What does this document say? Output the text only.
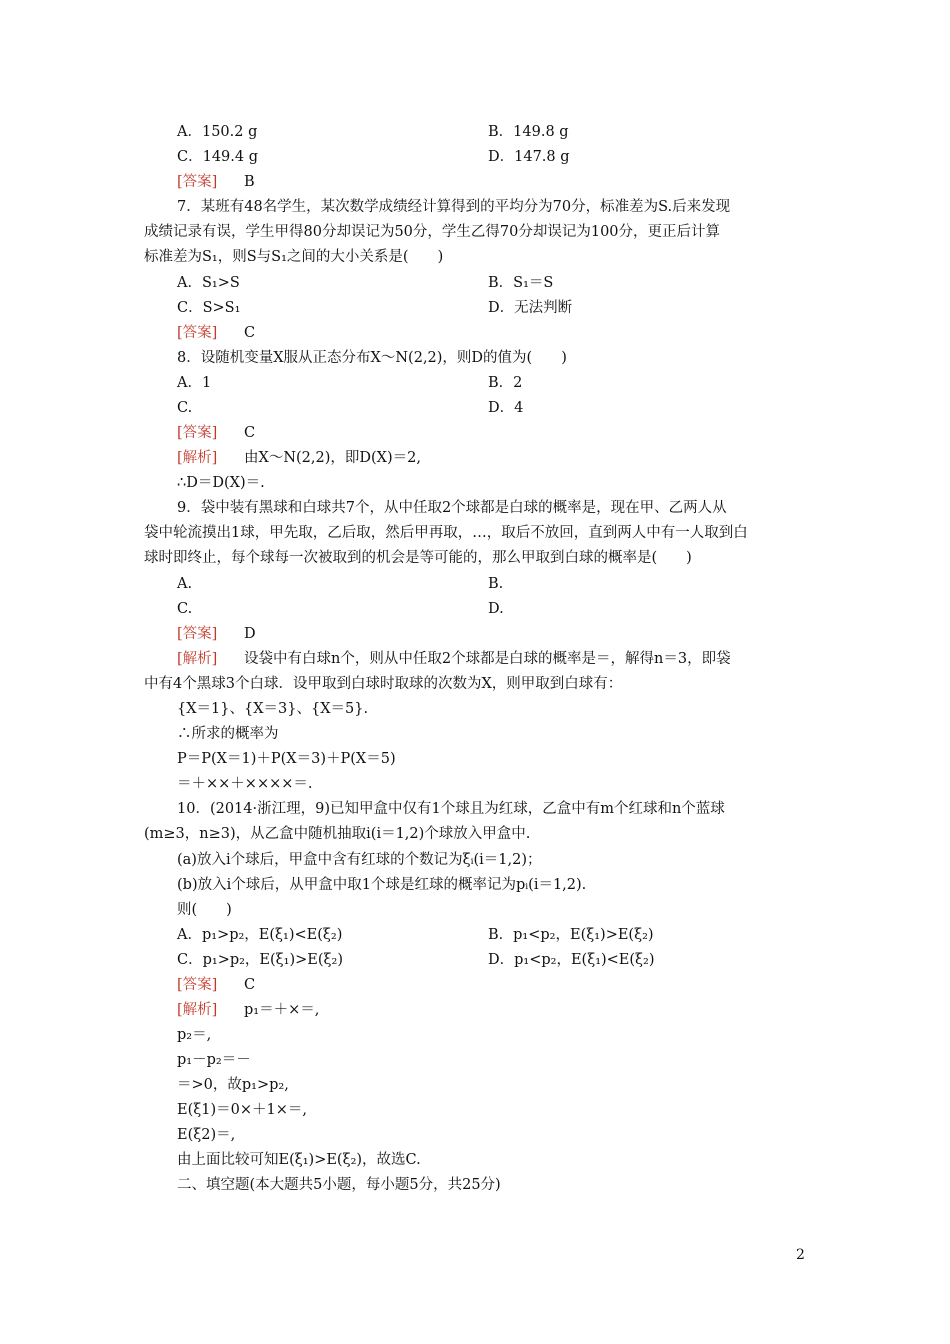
A．150.2 g	B．149.8 g
C．149.4 g	D．147.8 g
[答案] B
7．某班有48名学生，某次数学成绩经计算得到的平均分为70分，标准差为S.后来发现
成绩记录有误，学生甲得80分却误记为50分，学生乙得70分却误记为100分，更正后计算
标准差为S₁，则S与S₁之间的大小关系是(　　)
A．S₁>S	B．S₁＝S
C．S>S₁	D．无法判断
[答案] C
8．设随机变量X服从正态分布X～N(2,2)，则D的值为(　　)
A．1	B．2
C.	D．4
[答案] C
[解析] 由X～N(2,2)，即D(X)＝2,
∴D＝D(X)＝.
9．袋中装有黑球和白球共7个，从中任取2个球都是白球的概率是，现在甲、乙两人从
袋中轮流摸出1球，甲先取，乙后取，然后甲再取，…，取后不放回，直到两人中有一人取到白
球时即终止，每个球每一次被取到的机会是等可能的，那么甲取到白球的概率是(　　)
A.	B.
C.	D.
[答案] D
[解析] 设袋中有白球n个，则从中任取2个球都是白球的概率是＝，解得n＝3，即袋
中有4个黑球3个白球．设甲取到白球时取球的次数为X，则甲取到白球有：
{X＝1}、{X＝3}、{X＝5}.
∴所求的概率为
P＝P(X＝1)＋P(X＝3)＋P(X＝5)
＝＋××＋××××＝.
10．(2014·浙江理，9)已知甲盒中仅有1个球且为红球，乙盒中有m个红球和n个蓝球
(m≥3，n≥3)，从乙盒中随机抽取i(i＝1,2)个球放入甲盒中.
(a)放入i个球后，甲盒中含有红球的个数记为ξᵢ(i＝1,2)；
(b)放入i个球后，从甲盒中取1个球是红球的概率记为pᵢ(i＝1,2).
则(　　)
A．p₁>p₂，E(ξ₁)<E(ξ₂)	B．p₁<p₂，E(ξ₁)>E(ξ₂)
C．p₁>p₂，E(ξ₁)>E(ξ₂)	D．p₁<p₂，E(ξ₁)<E(ξ₂)
[答案] C
[解析] p₁＝＋×＝,
p₂＝,
p₁－p₂＝－
＝>0，故p₁>p₂,
E(ξ1)＝0×＋1×＝,
E(ξ2)＝,
由上面比较可知E(ξ₁)>E(ξ₂)，故选C.
二、填空题(本大题共5小题，每小题5分，共25分)
2
